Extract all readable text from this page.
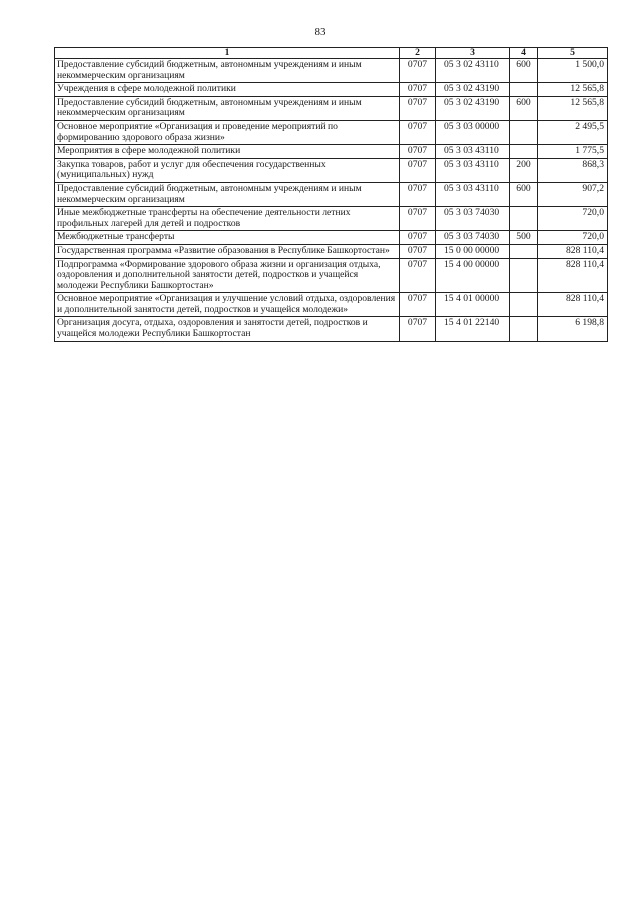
83
1	2	3	4	5
Предоставление субсидий бюджетным, автономным учреждениям и иным некоммерческим организациям	0707	05 3 02 43110	600	1 500,0
Учреждения в сфере молодежной политики	0707	05 3 02 43190		12 565,8
Предоставление субсидий бюджетным, автономным учреждениям и иным некоммерческим организациям	0707	05 3 02 43190	600	12 565,8
Основное мероприятие «Организация и проведение мероприятий по формированию здорового образа жизни»	0707	05 3 03 00000		2 495,5
Мероприятия в сфере молодежной политики	0707	05 3 03 43110		1 775,5
Закупка товаров, работ и услуг для обеспечения государственных (муниципальных) нужд	0707	05 3 03 43110	200	868,3
Предоставление субсидий бюджетным, автономным учреждениям и иным некоммерческим организациям	0707	05 3 03 43110	600	907,2
Иные межбюджетные трансферты на обеспечение деятельности летних профильных лагерей для детей и подростков	0707	05 3 03 74030		720,0
Межбюджетные трансферты	0707	05 3 03 74030	500	720,0
Государственная программа «Развитие образования в Республике Башкортостан»	0707	15 0 00 00000		828 110,4
Подпрограмма «Формирование здорового образа жизни и организация отдыха, оздоровления и дополнительной занятости детей, подростков и учащейся молодежи Республики Башкортостан»	0707	15 4 00 00000		828 110,4
Основное мероприятие «Организация и улучшение условий отдыха, оздоровления и дополнительной занятости детей, подростков и учащейся молодежи»	0707	15 4 01 00000		828 110,4
Организация досуга, отдыха, оздоровления и занятости детей, подростков и учащейся молодежи Республики Башкортостан	0707	15 4 01 22140		6 198,8
